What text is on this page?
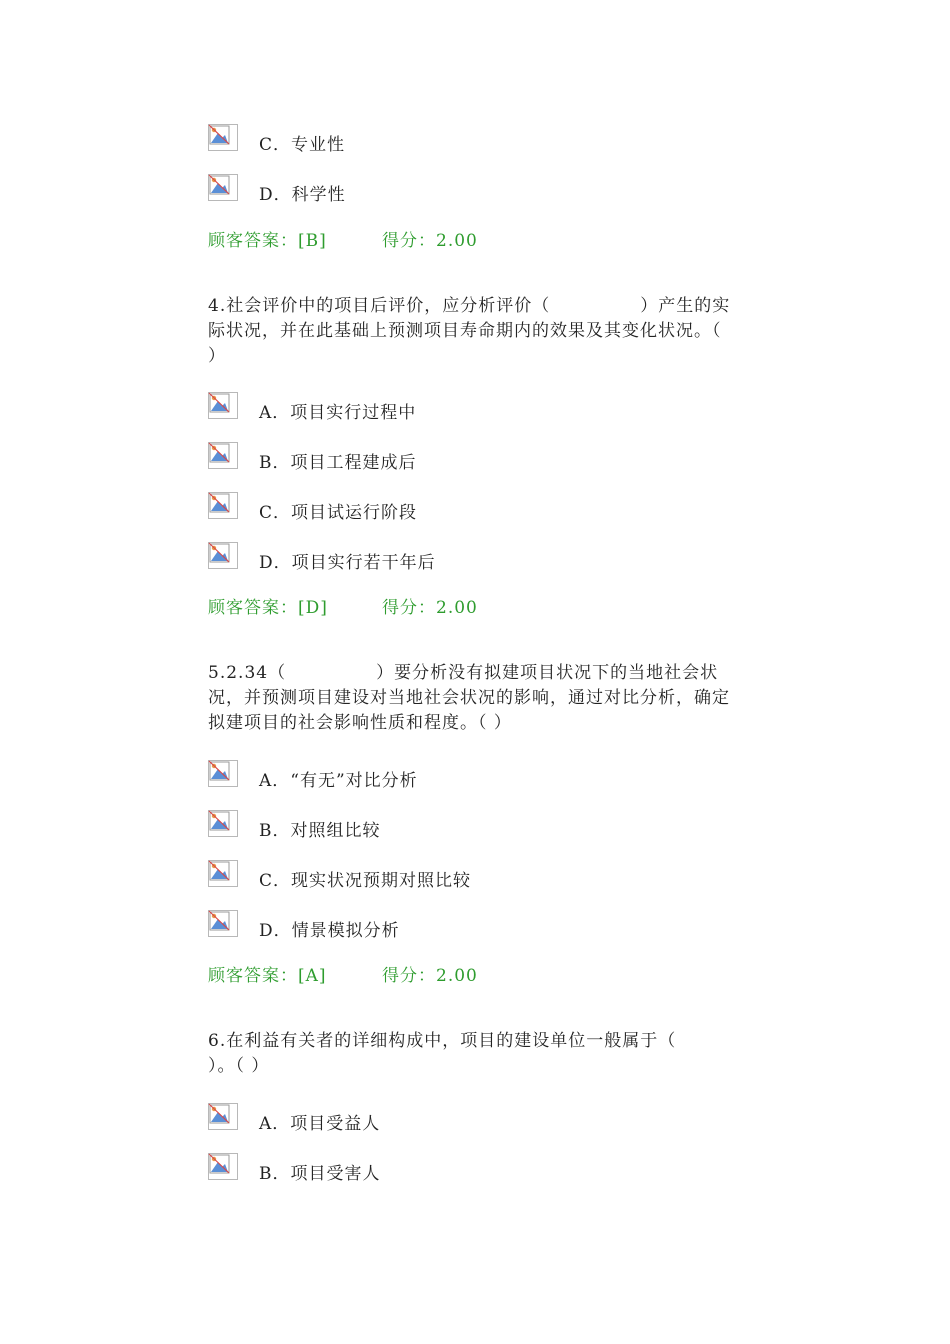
C．专业性
D．科学性
顾客答案：[B]	得分：2.00
4.社会评价中的项目后评价，应分析评价（　　　　　）产生的实
际状况，并在此基础上预测项目寿命期内的效果及其变化状况。（
）
A．项目实行过程中
B．项目工程建成后
C．项目试运行阶段
D．项目实行若干年后
顾客答案：[D]	得分：2.00
5.2.34（　　　　　）要分析没有拟建项目状况下的当地社会状
况，并预测项目建设对当地社会状况的影响，通过对比分析，确定
拟建项目的社会影响性质和程度。（ ）
A．“有无”对比分析
B．对照组比较
C．现实状况预期对照比较
D．情景模拟分析
顾客答案：[A]	得分：2.00
6.在利益有关者的详细构成中，项目的建设单位一般属于（
）。（ ）
A．项目受益人
B．项目受害人
